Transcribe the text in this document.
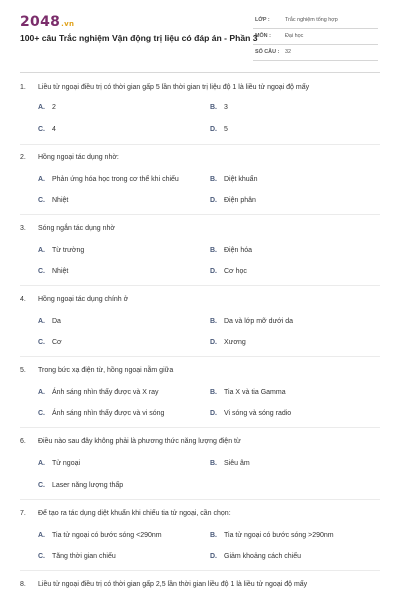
2048.vn
100+ câu Trắc nghiệm Vận động trị liệu có đáp án - Phần 3
LỚP :	Trắc nghiệm tổng hợp
MÔN :	Đại học
SỐ CÂU : 32
1. Liều tử ngoại điều trị có thời gian gấp 5 lần thời gian trị liệu độ 1 là liều tử ngoại độ mấy
A. 2	B. 3
C. 4	D. 5
2. Hồng ngoại tác dụng nhờ:
A. Phản ứng hóa học trong cơ thể khi chiếu	B. Diệt khuẩn
C. Nhiệt	D. Điện phân
3. Sóng ngắn tác dụng nhờ
A. Từ trường	B. Điện hóa
C. Nhiệt	D. Cơ học
4. Hồng ngoại tác dụng chính ở
A. Da	B. Da và lớp mỡ dưới da
C. Cơ	D. Xương
5. Trong bức xạ điện từ, hồng ngoại nằm giữa
A. Ánh sáng nhìn thấy được và X ray	B. Tia X và tia Gamma
C. Ánh sáng nhìn thấy được và vi sóng	D. Vi sóng và sóng radio
6. Điều nào sau đây không phải là phương thức năng lượng điện từ
A. Tử ngoại	B. Siêu âm
C. Laser năng lượng thấp
7. Để tạo ra tác dụng diệt khuẩn khi chiếu tia tử ngoại, cần chọn:
A. Tia tử ngoại có bước sóng <290nm	B. Tia tử ngoại có bước sóng >290nm
C. Tăng thời gian chiếu	D. Giảm khoảng cách chiếu
8. Liều tử ngoại điều trị có thời gian gấp 2,5 lần thời gian liều độ 1 là liều tử ngoại độ mấy
